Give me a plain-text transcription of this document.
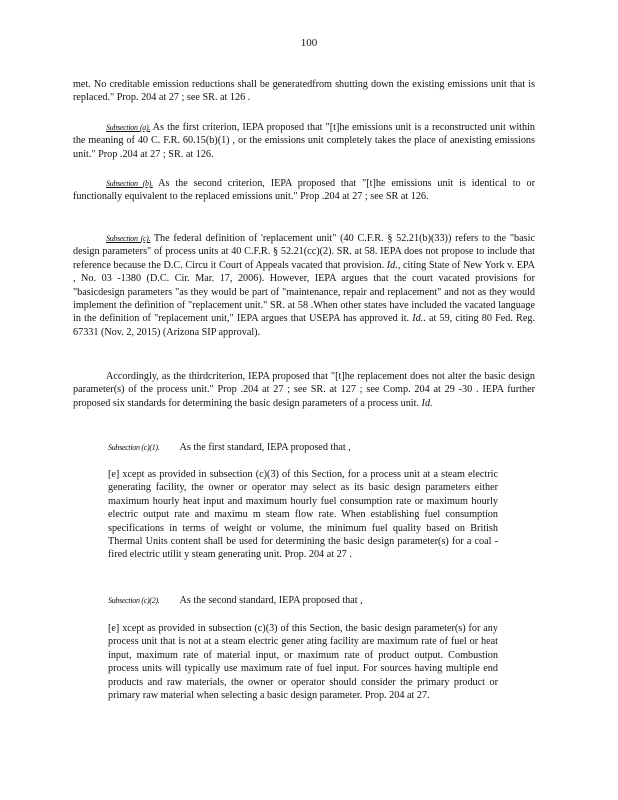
100

met. No creditable emission reductions shall be generatedfrom shutting down the existing emissions unit that is replaced." Prop. 204 at 27 ; see SR. at 126 .

Subsection (a). As the first criterion, IEPA proposed that "[t]he emissions unit is a reconstructed unit within the meaning of 40 C. F.R. 60.15(b)(1) , or the emissions unit completely takes the place of anexisting emissions unit." Prop .204 at 27 ; SR. at 126.

Subsection (b). As the second criterion, IEPA proposed that "[t]he emissions unit is identical to or functionally equivalent to the replaced emissions unit." Prop .204 at 27 ; see SR at 126.

Subsection (c). The federal definition of 'replacement unit" (40 C.F.R. § 52.21(b)(33)) refers to the "basic design parameters" of process units at 40 C.F.R. § 52.21(cc)(2). SR. at 58. IEPA does not propose to include that reference because the D.C. Circu it Court of Appeals vacated that provision. Id., citing State of New York v. EPA , No. 03 -1380 (D.C. Cir. Mar. 17, 2006). However, IEPA argues that the court vacated provisions for "basicdesign parameters "as they would be part of "maintenance, repair and replacement" and not as they would implement the definition of "replacement unit." SR. at 58 .When other states have included the vacated language in the definition of "replacement unit," IEPA argues that USEPA has approved it. Id.. at 59, citing 80 Fed. Reg. 67331 (Nov. 2, 2015) (Arizona SIP approval).

Accordingly, as the thirdcriterion, IEPA proposed that "[t]he replacement does not alter the basic design parameter(s) of the process unit." Prop .204 at 27 ; see SR. at 127 ; see Comp. 204 at 29 -30 . IEPA further proposed six standards for determining the basic design parameters of a process unit. Id.

Subsection (c)(1). As the first standard, IEPA proposed that ,

[e] xcept as provided in subsection (c)(3) of this Section, for a process unit at a steam electric generating facility, the owner or operator may select as its basic design parameters either maximum hourly heat input and maximum hourly fuel consumption rate or maximum hourly electric output rate and maximu m steam flow rate. When establishing fuel consumption specifications in terms of weight or volume, the minimum fuel quality based on British Thermal Units content shall be used for determining the basic design parameter(s) for a coal -fired electric utilit y steam generating unit. Prop. 204 at 27 .

Subsection (c)(2). As the second standard, IEPA proposed that ,

[e] xcept as provided in subsection (c)(3) of this Section, the basic design parameter(s) for any process unit that is not at a steam electric gener ating facility are maximum rate of fuel or heat input, maximum rate of material input, or maximum rate of product output. Combustion process units will typically use maximum rate of fuel input. For sources having multiple end products and raw materials, the owner or operator should consider the primary product or primary raw material when selecting a basic design parameter. Prop. 204 at 27.
